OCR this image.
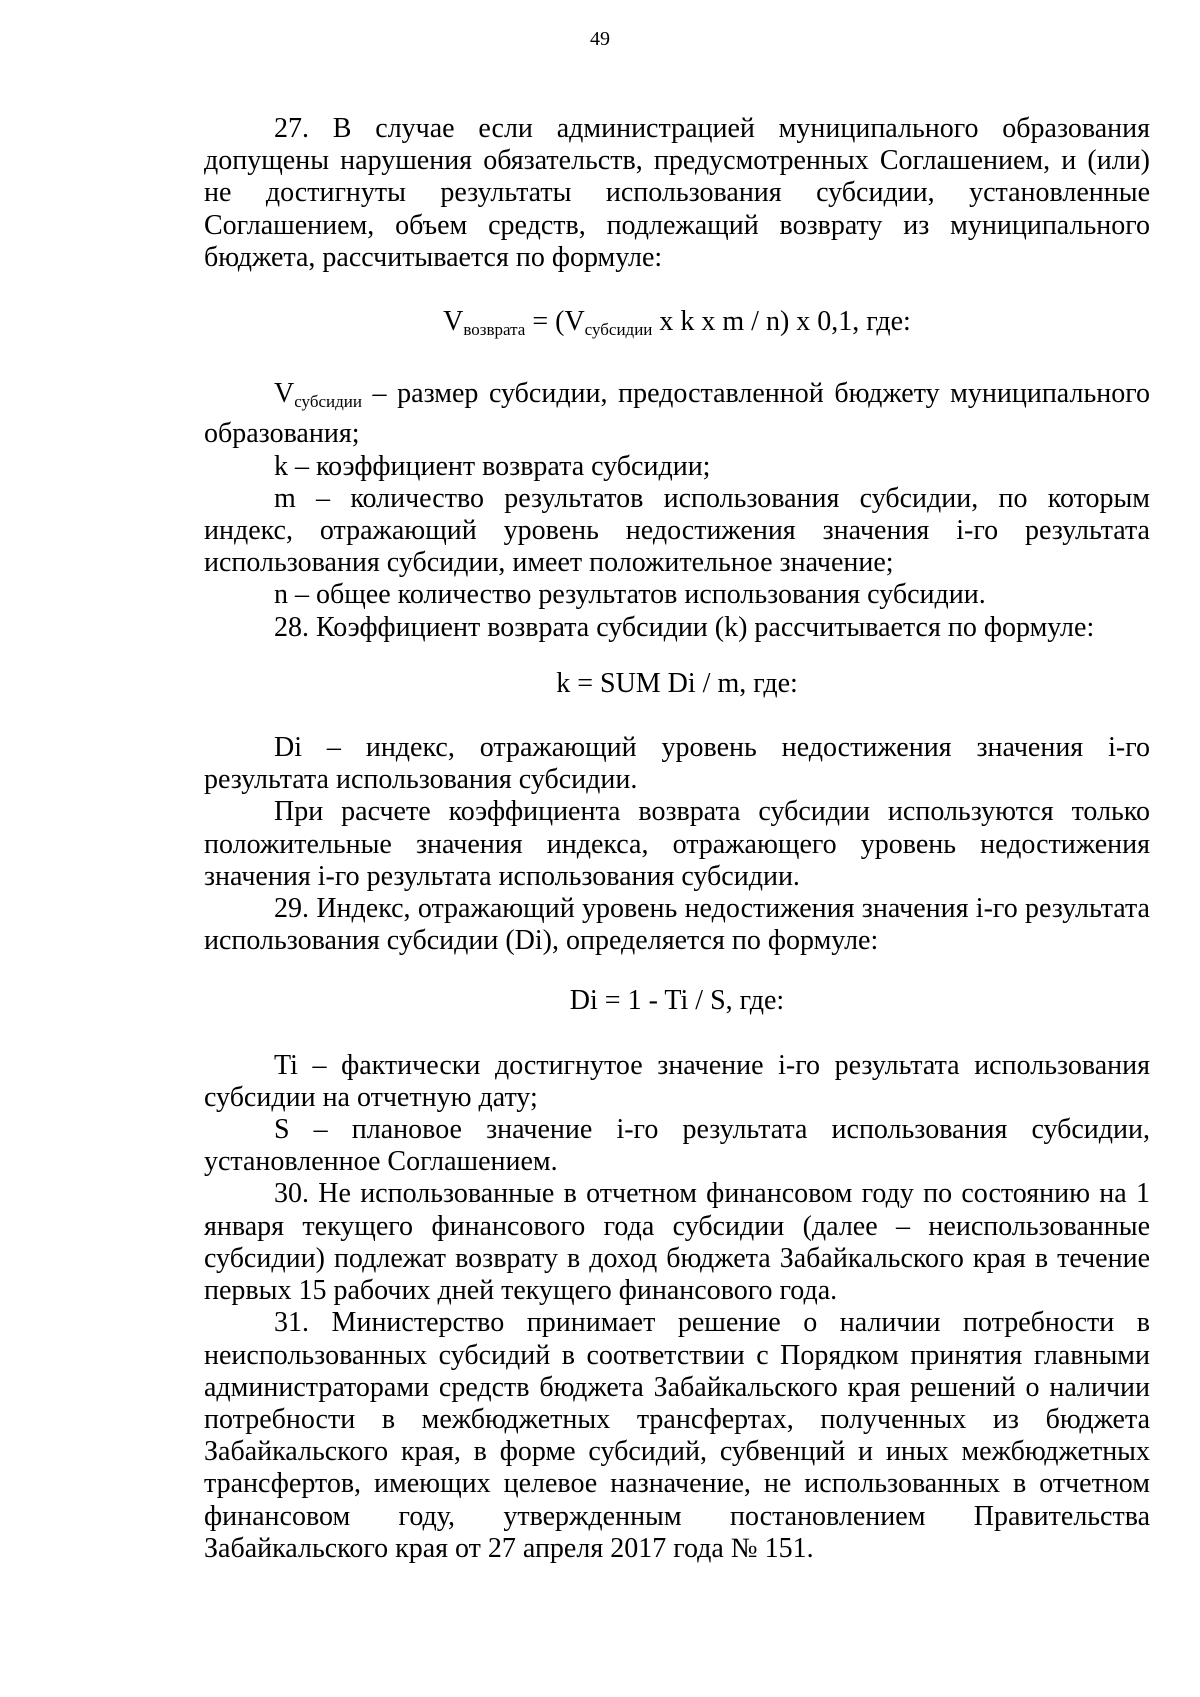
49

27. В случае если администрацией муниципального образования допущены нарушения обязательств, предусмотренных Соглашением, и (или) не достигнуты результаты использования субсидии, установленные Соглашением, объем средств, подлежащий возврату из муниципального бюджета, рассчитывается по формуле:

$V_{возврата} = (V_{субсидии}$ x k x m / n) x 0,1, где:

$V_{субсидии}$ – размер субсидии, предоставленной бюджету муниципального образования;

k – коэффициент возврата субсидии;

m – количество результатов использования субсидии, по которым индекс, отражающий уровень недостижения значения i-го результата использования субсидии, имеет положительное значение;

n – общее количество результатов использования субсидии.

28. Коэффициент возврата субсидии (k) рассчитывается по формуле:

k = SUM Di / m, где:

Di – индекс, отражающий уровень недостижения значения i-го результата использования субсидии.

При расчете коэффициента возврата субсидии используются только положительные значения индекса, отражающего уровень недостижения значения i-го результата использования субсидии.

29. Индекс, отражающий уровень недостижения значения i-го результата использования субсидии (Di), определяется по формуле:

Di = 1 - Ti / S, где:

Ti – фактически достигнутое значение i-го результата использования субсидии на отчетную дату;

S – плановое значение i-го результата использования субсидии, установленное Соглашением.

30. Не использованные в отчетном финансовом году по состоянию на 1 января текущего финансового года субсидии (далее – неиспользованные субсидии) подлежат возврату в доход бюджета Забайкальского края в течение первых 15 рабочих дней текущего финансового года.

31. Министерство принимает решение о наличии потребности в неиспользованных субсидий в соответствии с Порядком принятия главными администраторами средств бюджета Забайкальского края решений о наличии потребности в межбюджетных трансфертах, полученных из бюджета Забайкальского края, в форме субсидий, субвенций и иных межбюджетных трансфертов, имеющих целевое назначение, не использованных в отчетном финансовом году, утвержденным постановлением Правительства Забайкальского края от 27 апреля 2017 года № 151.
